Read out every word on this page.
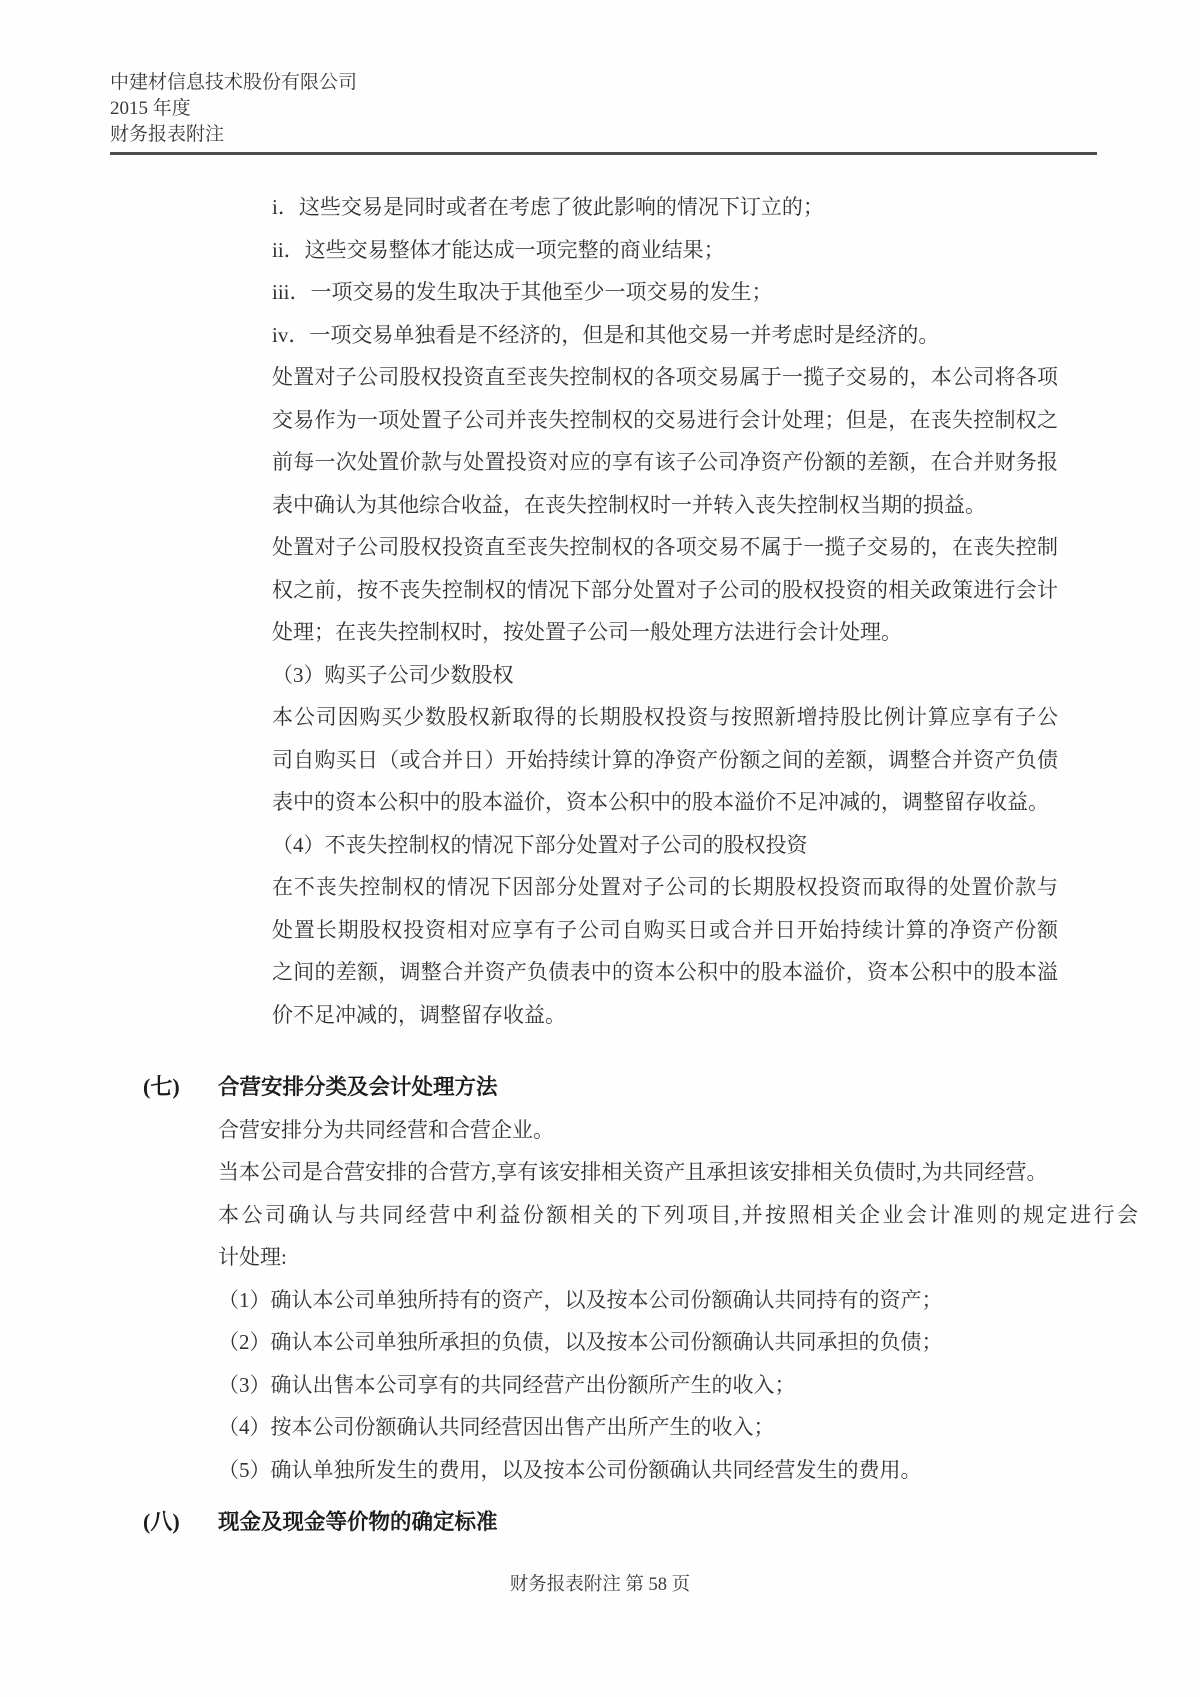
中建材信息技术股份有限公司
2015 年度
财务报表附注
i．这些交易是同时或者在考虑了彼此影响的情况下订立的；
ii．这些交易整体才能达成一项完整的商业结果；
iii．一项交易的发生取决于其他至少一项交易的发生；
iv．一项交易单独看是不经济的，但是和其他交易一并考虑时是经济的。
处置对子公司股权投资直至丧失控制权的各项交易属于一揽子交易的，本公司将各项
交易作为一项处置子公司并丧失控制权的交易进行会计处理；但是，在丧失控制权之
前每一次处置价款与处置投资对应的享有该子公司净资产份额的差额，在合并财务报
表中确认为其他综合收益，在丧失控制权时一并转入丧失控制权当期的损益。
处置对子公司股权投资直至丧失控制权的各项交易不属于一揽子交易的，在丧失控制
权之前，按不丧失控制权的情况下部分处置对子公司的股权投资的相关政策进行会计
处理；在丧失控制权时，按处置子公司一般处理方法进行会计处理。
（3）购买子公司少数股权
本公司因购买少数股权新取得的长期股权投资与按照新增持股比例计算应享有子公
司自购买日（或合并日）开始持续计算的净资产份额之间的差额，调整合并资产负债
表中的资本公积中的股本溢价，资本公积中的股本溢价不足冲减的，调整留存收益。
（4）不丧失控制权的情况下部分处置对子公司的股权投资
在不丧失控制权的情况下因部分处置对子公司的长期股权投资而取得的处置价款与
处置长期股权投资相对应享有子公司自购买日或合并日开始持续计算的净资产份额
之间的差额，调整合并资产负债表中的资本公积中的股本溢价，资本公积中的股本溢
价不足冲减的，调整留存收益。
(七) 合营安排分类及会计处理方法
合营安排分为共同经营和合营企业。
当本公司是合营安排的合营方,享有该安排相关资产且承担该安排相关负债时,为共同经营。
本公司确认与共同经营中利益份额相关的下列项目,并按照相关企业会计准则的规定进行会
计处理:
（1）确认本公司单独所持有的资产，以及按本公司份额确认共同持有的资产；
（2）确认本公司单独所承担的负债，以及按本公司份额确认共同承担的负债；
（3）确认出售本公司享有的共同经营产出份额所产生的收入；
（4）按本公司份额确认共同经营因出售产出所产生的收入；
（5）确认单独所发生的费用，以及按本公司份额确认共同经营发生的费用。
(八) 现金及现金等价物的确定标准
财务报表附注 第 58 页
